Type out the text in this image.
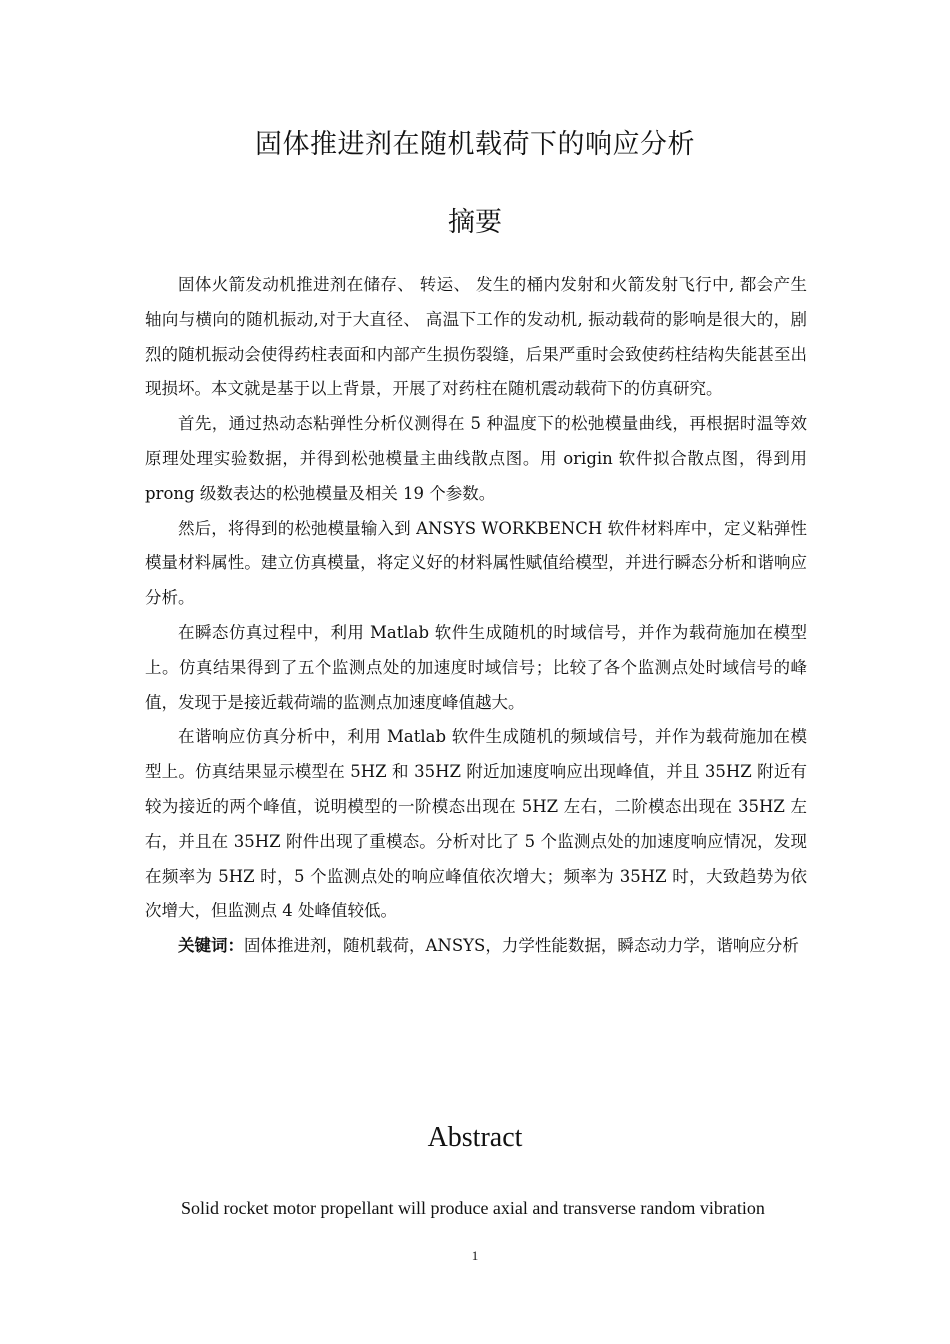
固体推进剂在随机载荷下的响应分析
摘要

固体火箭发动机推进剂在储存、 转运、 发生的桶内发射和火箭发射飞行中, 都会产生轴向与横向的随机振动,对于大直径、 高温下工作的发动机, 振动载荷的影响是很大的，剧烈的随机振动会使得药柱表面和内部产生损伤裂缝，后果严重时会致使药柱结构失能甚至出现损坏。本文就是基于以上背景，开展了对药柱在随机震动载荷下的仿真研究。

首先，通过热动态粘弹性分析仪测得在 5 种温度下的松弛模量曲线，再根据时温等效原理处理实验数据，并得到松弛模量主曲线散点图。用 origin 软件拟合散点图，得到用prong 级数表达的松弛模量及相关 19 个参数。

然后，将得到的松弛模量输入到 ANSYS WORKBENCH 软件材料库中，定义粘弹性模量材料属性。建立仿真模量，将定义好的材料属性赋值给模型，并进行瞬态分析和谐响应分析。

在瞬态仿真过程中，利用 Matlab 软件生成随机的时域信号，并作为载荷施加在模型上。仿真结果得到了五个监测点处的加速度时域信号；比较了各个监测点处时域信号的峰值，发现于是接近载荷端的监测点加速度峰值越大。

在谐响应仿真分析中，利用 Matlab 软件生成随机的频域信号，并作为载荷施加在模型上。仿真结果显示模型在 5HZ 和 35HZ 附近加速度响应出现峰值，并且 35HZ 附近有较为接近的两个峰值，说明模型的一阶模态出现在 5HZ 左右，二阶模态出现在 35HZ 左右，并且在 35HZ 附件出现了重模态。分析对比了 5 个监测点处的加速度响应情况，发现在频率为 5HZ 时，5 个监测点处的响应峰值依次增大；频率为 35HZ 时，大致趋势为依次增大，但监测点 4 处峰值较低。

关键词：固体推进剂，随机载荷，ANSYS，力学性能数据，瞬态动力学，谐响应分析

Abstract
Solid rocket motor propellant will produce axial and transverse random vibration
1
